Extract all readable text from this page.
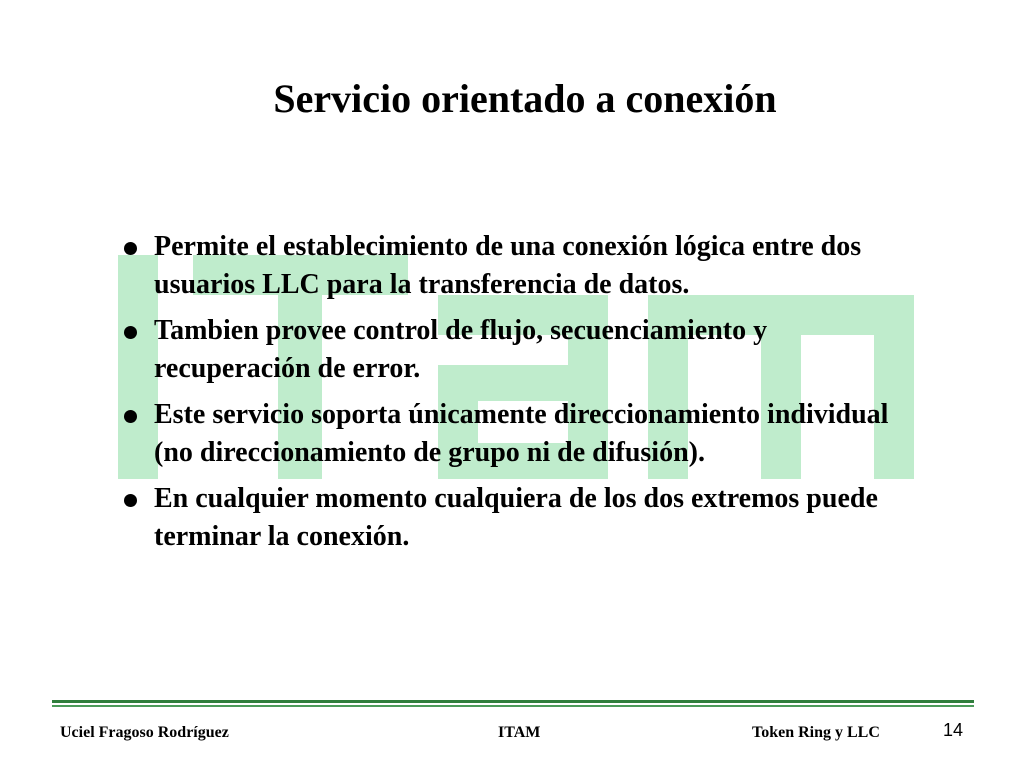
Servicio orientado a conexión
Permite el establecimiento de una conexión lógica entre dos usuarios LLC para la transferencia de datos.
Tambien provee control de flujo, secuenciamiento y recuperación de error.
Este servicio soporta únicamente direccionamiento individual (no direccionamiento de grupo ni de difusión).
En cualquier momento cualquiera de los dos extremos puede terminar la conexión.
Uciel Fragoso Rodríguez	ITAM	Token Ring y LLC	14
